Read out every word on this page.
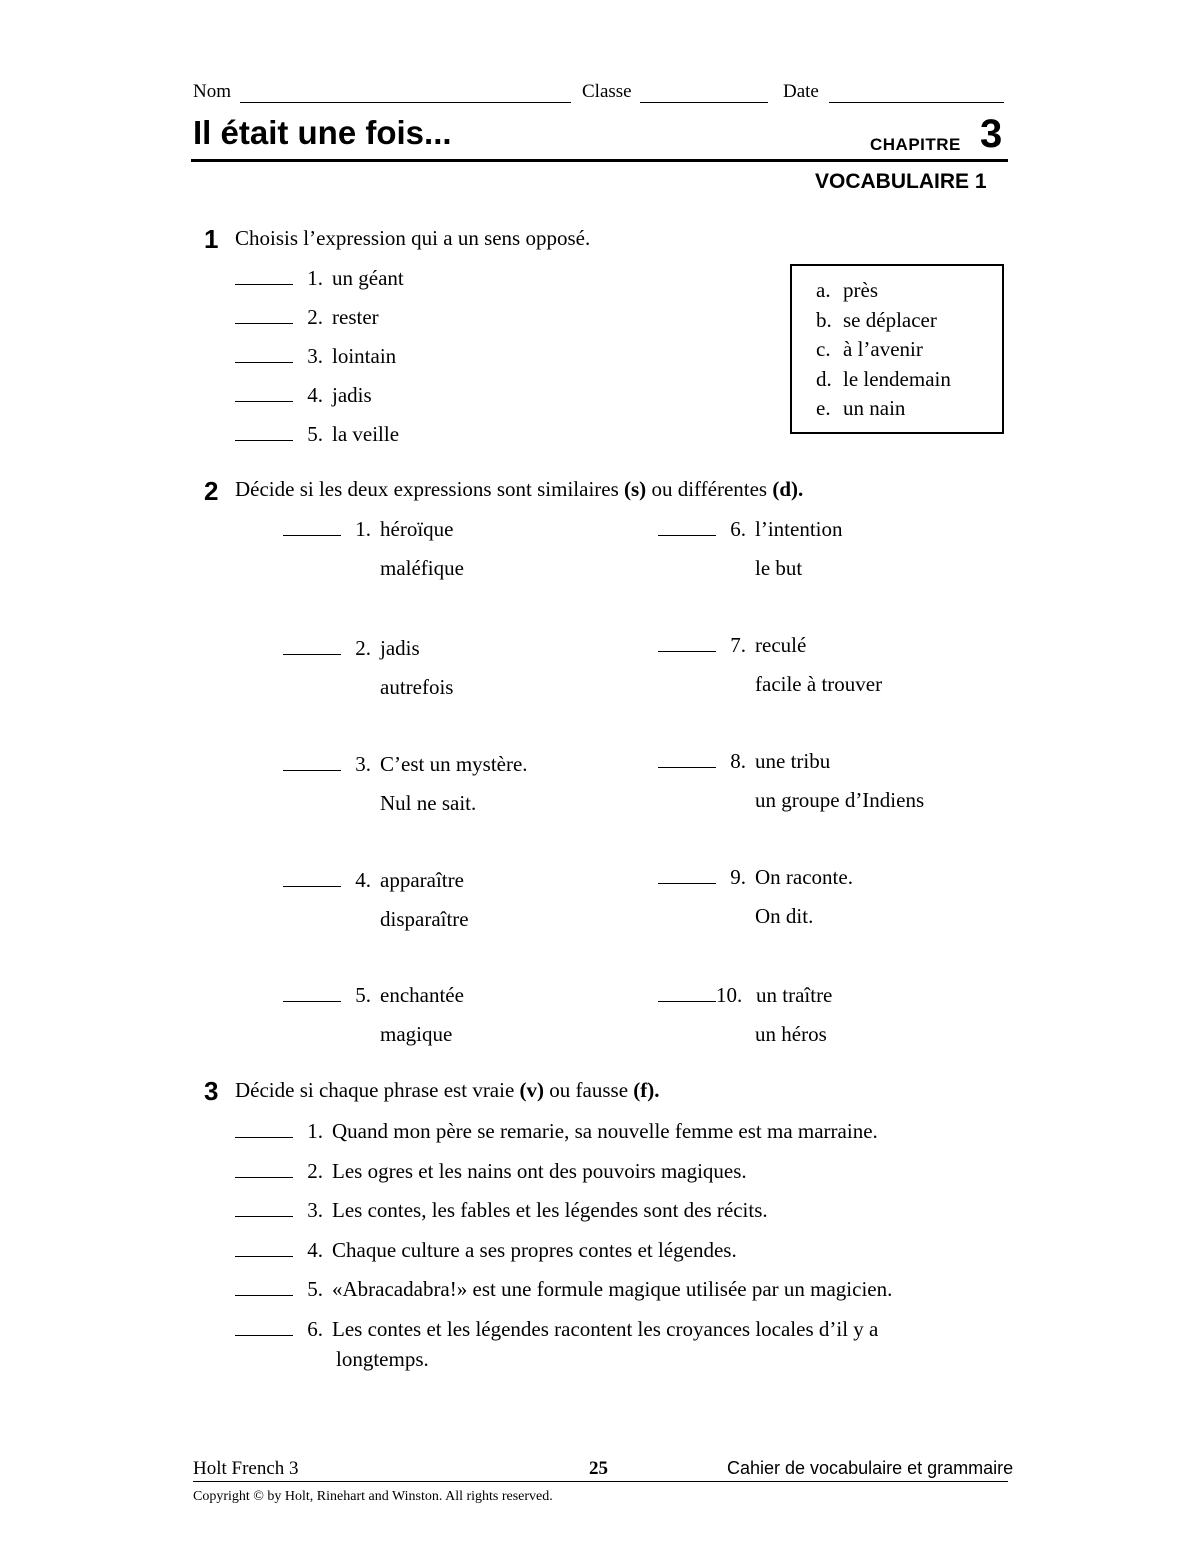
Nom	Classe	Date
Il était une fois...	CHAPITRE 3
VOCABULAIRE 1
1 Choisis l’expression qui a un sens opposé.
1. un géant
2. rester
3. lointain
4. jadis
5. la veille
a. près
b. se déplacer
c. à l’avenir
d. le lendemain
e. un nain
2 Décide si les deux expressions sont similaires (s) ou différentes (d).
1. héroïque
maléfique
2. jadis
autrefois
3. C’est un mystère.
Nul ne sait.
4. apparaître
disparaître
5. enchantée
magique
6. l’intention
le but
7. reculé
facile à trouver
8. une tribu
un groupe d’Indiens
9. On raconte.
On dit.
10. un traître
un héros
3 Décide si chaque phrase est vraie (v) ou fausse (f).
1. Quand mon père se remarie, sa nouvelle femme est ma marraine.
2. Les ogres et les nains ont des pouvoirs magiques.
3. Les contes, les fables et les légendes sont des récits.
4. Chaque culture a ses propres contes et légendes.
5. «Abracadabra!» est une formule magique utilisée par un magicien.
6. Les contes et les légendes racontent les croyances locales d’il y a
longtemps.
Holt French 3	25	Cahier de vocabulaire et grammaire
Copyright © by Holt, Rinehart and Winston. All rights reserved.
